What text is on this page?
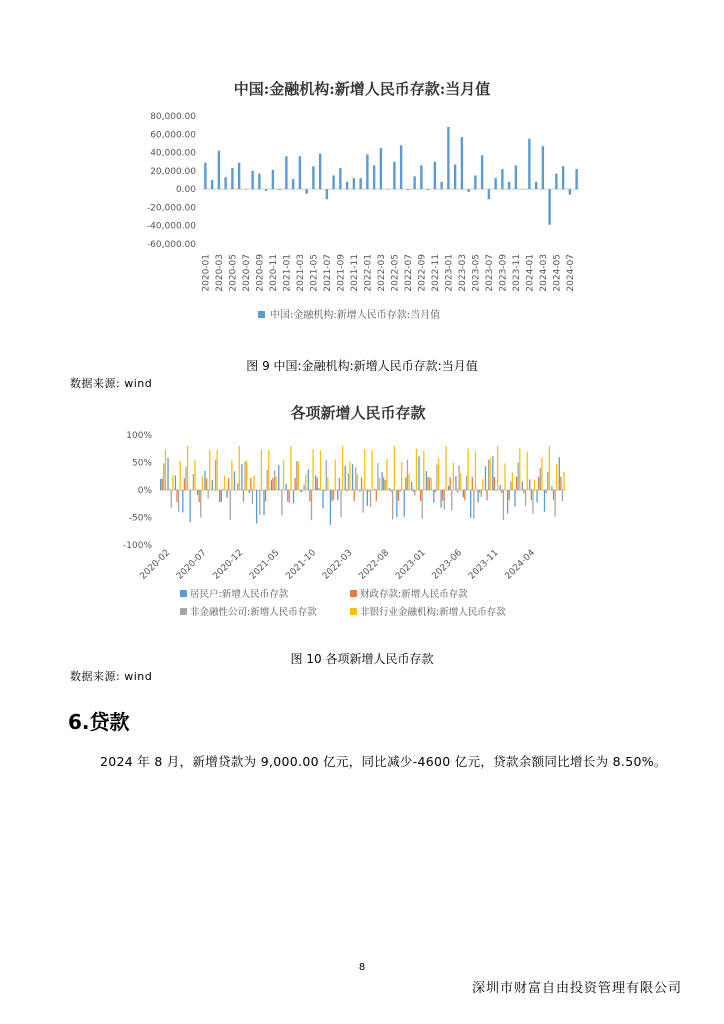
中国:金融机构:新增人民币存款:当月值
-60,000.00
-40,000.00
-20,000.00
0.00
20,000.00
40,000.00
60,000.00
80,000.00
2020-01 2020-03 2020-05 2020-07 2020-09 2020-11 2021-01 2021-03 2021-05 2021-07 2021-09 2021-11 2022-01 2022-03 2022-05 2022-07 2022-09 2022-11 2023-01 2023-03 2023-05 2023-07 2023-09 2023-11 2024-01 2024-03 2024-05 2024-07
中国:金融机构:新增人民币存款:当月值
图 9 中国:金融机构:新增人民币存款:当月值
数据来源: wind
各项新增人民币存款
100%
50%
0%
-50%
-100%
2020-02 2020-07 2020-12 2021-05 2021-10 2022-03 2022-08 2023-01 2023-06 2023-11 2024-04
居民户:新增人民币存款	财政存款:新增人民币存款
非金融性公司:新增人民币存款	非银行业金融机构:新增人民币存款
图 10 各项新增人民币存款
数据来源: wind
6.贷款
2024 年 8 月，新增贷款为 9,000.00 亿元，同比减少-4600 亿元，贷款余额同比增长为 8.50%。
8
深圳市财富自由投资管理有限公司
